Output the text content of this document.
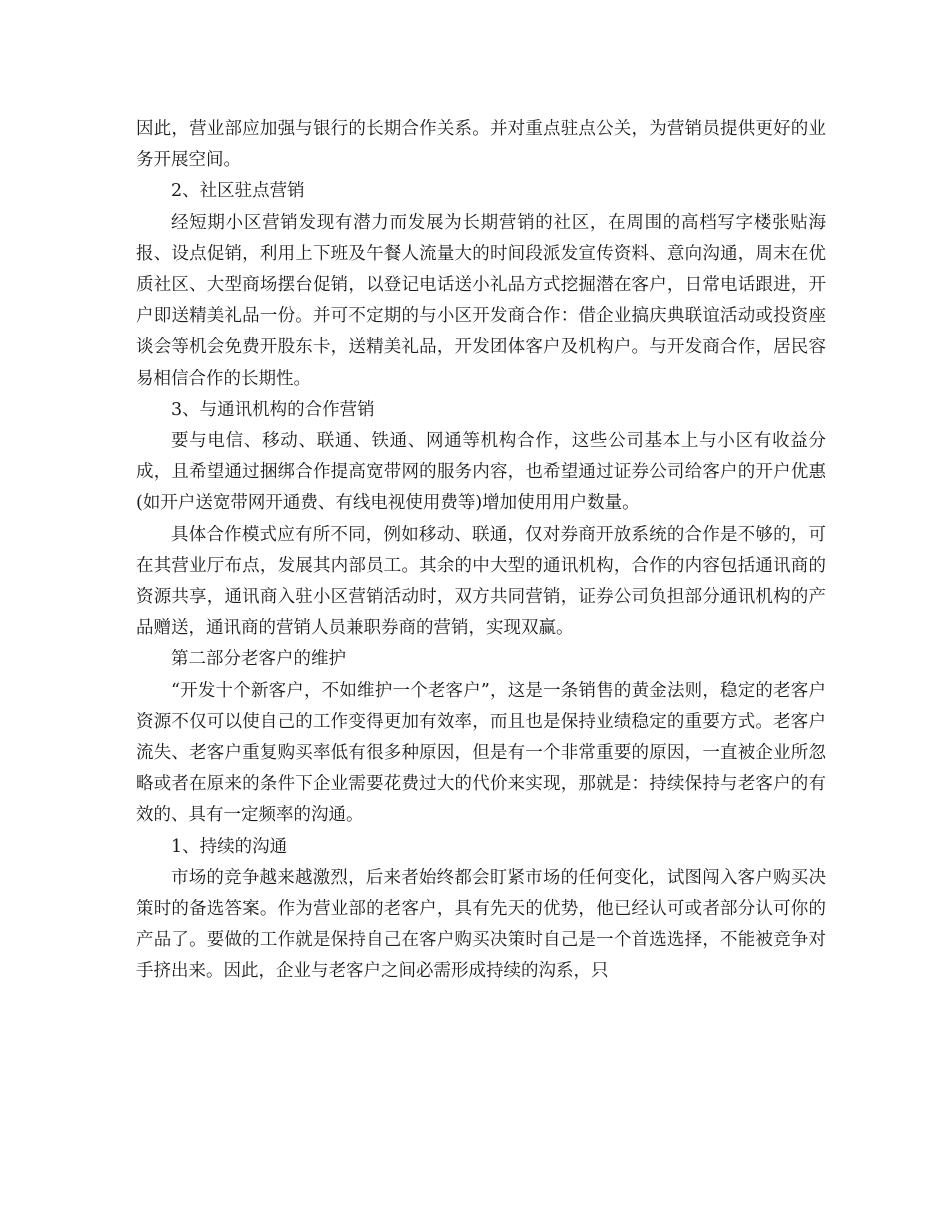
因此，营业部应加强与银行的长期合作关系。并对重点驻点公关，为营销员提供更好的业务开展空间。

2、社区驻点营销

经短期小区营销发现有潜力而发展为长期营销的社区，在周围的高档写字楼张贴海报、设点促销，利用上下班及午餐人流量大的时间段派发宣传资料、意向沟通，周末在优质社区、大型商场摆台促销，以登记电话送小礼品方式挖掘潜在客户，日常电话跟进，开户即送精美礼品一份。并可不定期的与小区开发商合作：借企业搞庆典联谊活动或投资座谈会等机会免费开股东卡，送精美礼品，开发团体客户及机构户。与开发商合作，居民容易相信合作的长期性。

3、与通讯机构的合作营销

要与电信、移动、联通、铁通、网通等机构合作，这些公司基本上与小区有收益分成，且希望通过捆绑合作提高宽带网的服务内容，也希望通过证券公司给客户的开户优惠(如开户送宽带网开通费、有线电视使用费等)增加使用用户数量。

具体合作模式应有所不同，例如移动、联通，仅对券商开放系统的合作是不够的，可在其营业厅布点，发展其内部员工。其余的中大型的通讯机构，合作的内容包括通讯商的资源共享，通讯商入驻小区营销活动时，双方共同营销，证券公司负担部分通讯机构的产品赠送，通讯商的营销人员兼职券商的营销，实现双赢。

第二部分老客户的维护

“开发十个新客户，不如维护一个老客户”，这是一条销售的黄金法则，稳定的老客户资源不仅可以使自己的工作变得更加有效率，而且也是保持业绩稳定的重要方式。老客户流失、老客户重复购买率低有很多种原因，但是有一个非常重要的原因，一直被企业所忽略或者在原来的条件下企业需要花费过大的代价来实现，那就是：持续保持与老客户的有效的、具有一定频率的沟通。

1、持续的沟通

市场的竞争越来越激烈，后来者始终都会盯紧市场的任何变化，试图闯入客户购买决策时的备选答案。作为营业部的老客户，具有先天的优势，他已经认可或者部分认可你的产品了。要做的工作就是保持自己在客户购买决策时自己是一个首选选择，不能被竞争对手挤出来。因此，企业与老客户之间必需形成持续的沟系，只
